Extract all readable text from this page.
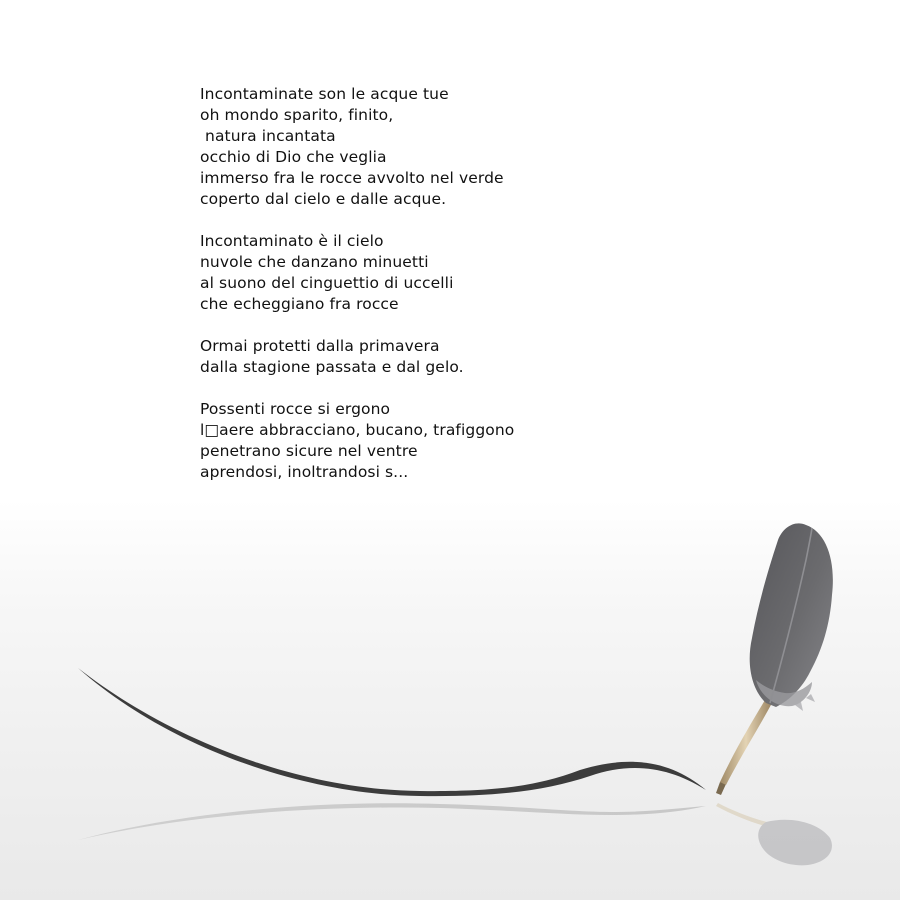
Incontaminate son le acque tue
oh mondo sparito, finito,
natura incantata
occhio di Dio che veglia
immerso fra le rocce avvolto nel verde
coperto dal cielo e dalle acque.
Incontaminato è il cielo
nuvole che danzano minuetti
al suono del cinguettio di uccelli
che echeggiano fra rocce
Ormai protetti dalla primavera
dalla stagione passata e dal gelo.
Possenti rocce si ergono
l□aere abbracciano, bucano, trafiggono
penetrano sicure nel ventre
aprendosi, inoltrandosi s...
